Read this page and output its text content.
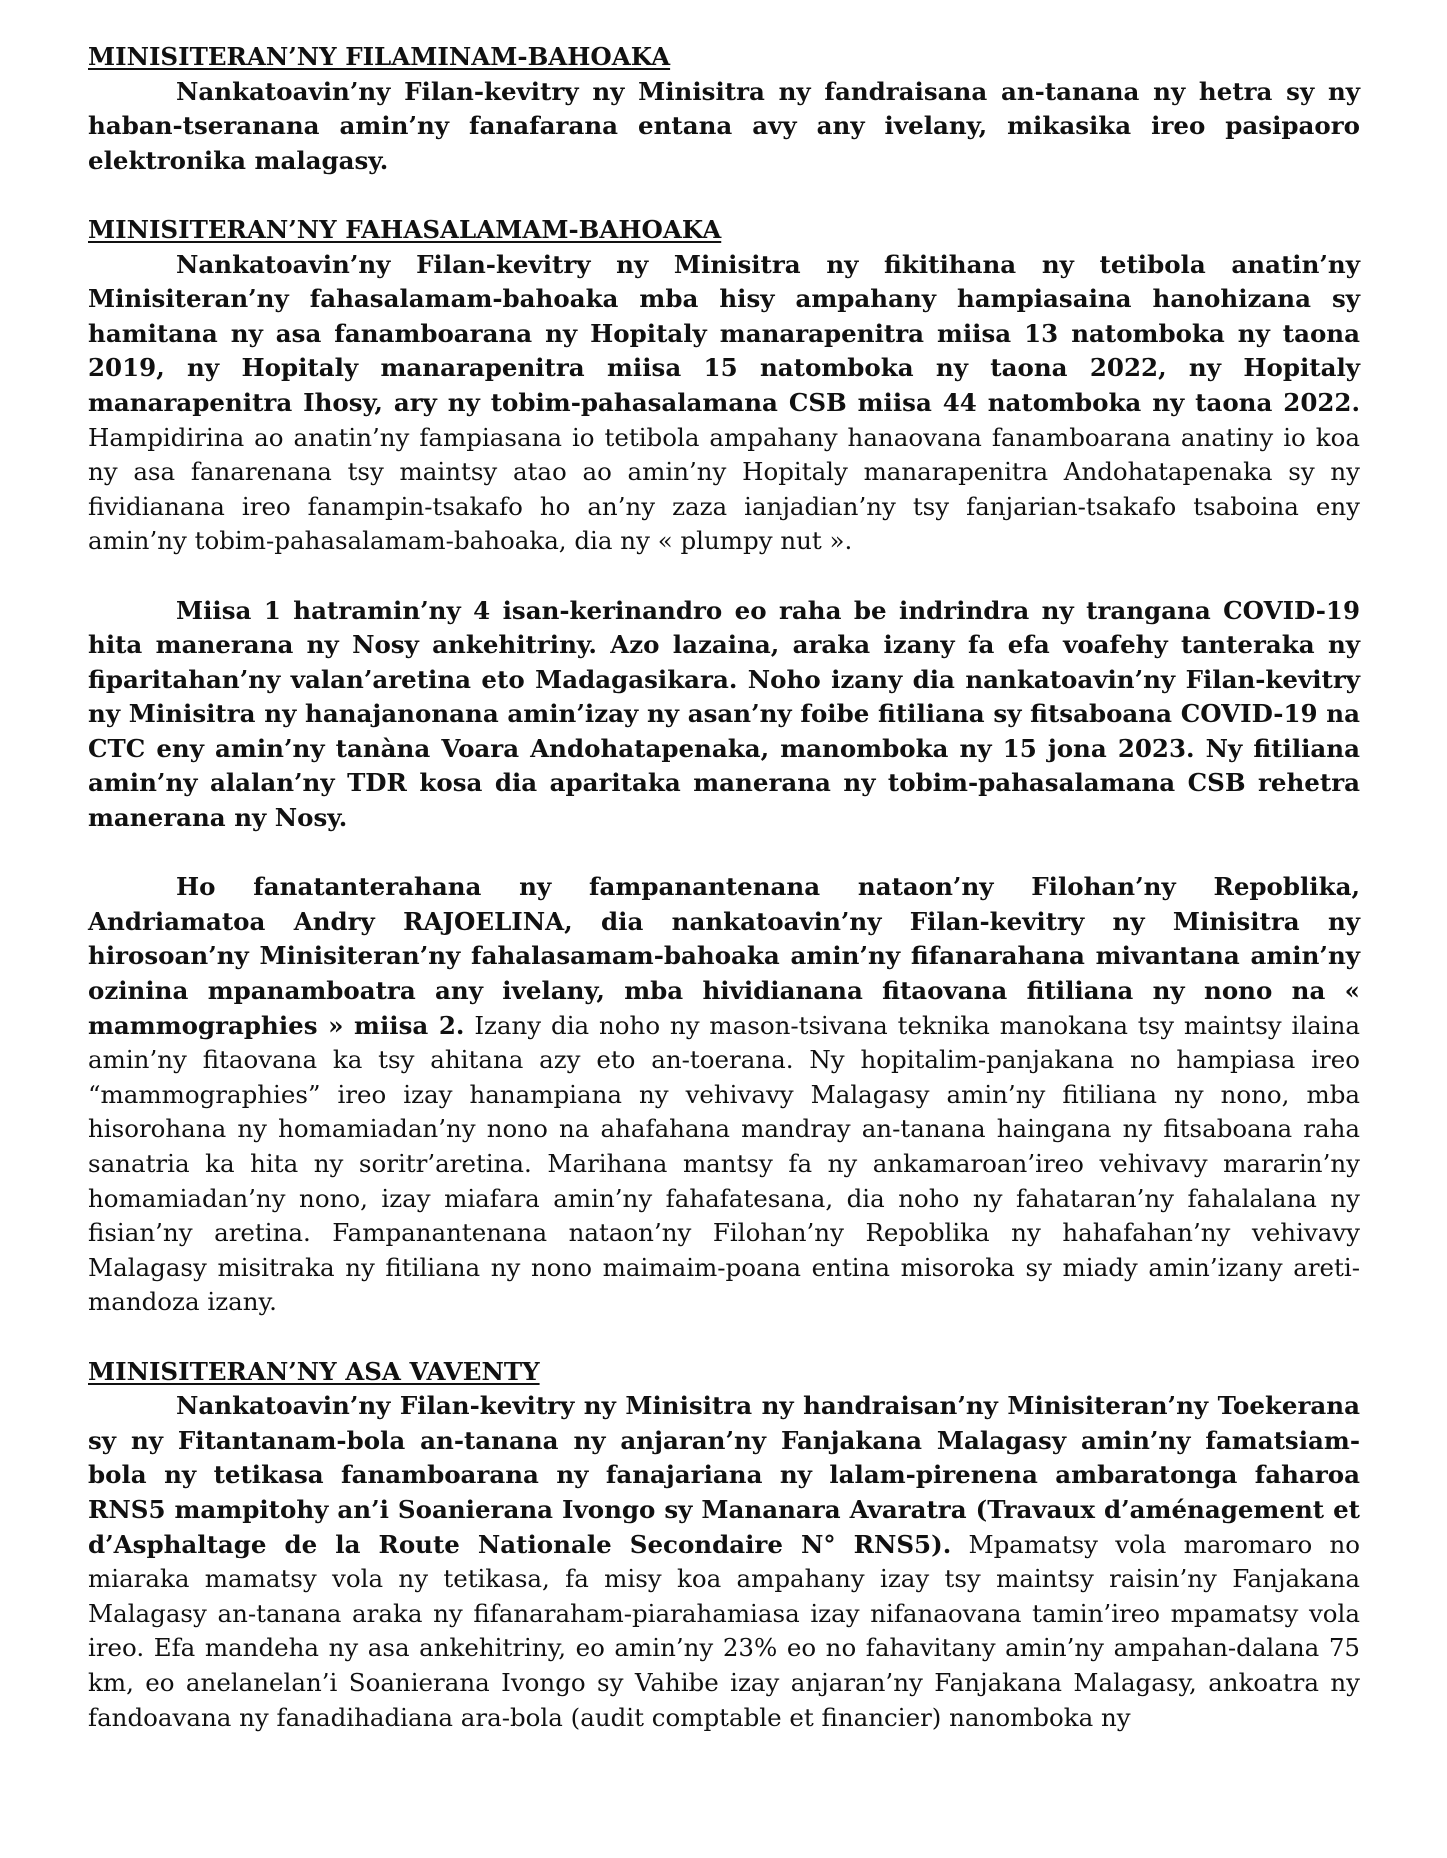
MINISITERAN’NY FILAMINAM-BAHOAKA

Nankatoavin’ny Filan-kevitry ny Minisitra ny fandraisana an-tanana ny hetra sy ny haban-tseranana amin’ny fanafarana entana avy any ivelany, mikasika ireo pasipaoro elektronika malagasy.

MINISITERAN’NY FAHASALAMAM-BAHOAKA

Nankatoavin’ny Filan-kevitry ny Minisitra ny fikitihana ny tetibola anatin’ny Minisiteran’ny fahasalamam-bahoaka mba hisy ampahany hampiasaina hanohizana sy hamitana ny asa fanamboarana ny Hopitaly manarapenitra miisa 13 natomboka ny taona 2019, ny Hopitaly manarapenitra miisa 15 natomboka ny taona 2022, ny Hopitaly manarapenitra Ihosy, ary ny tobim-pahasalamana CSB miisa 44 natomboka ny taona 2022. Hampidirina ao anatin’ny fampiasana io tetibola ampahany hanaovana fanamboarana anatiny io koa ny asa fanarenana tsy maintsy atao ao amin’ny Hopitaly manarapenitra Andohatapenaka sy ny fividianana ireo fanampin-tsakafo ho an’ny zaza ianjadian’ny tsy fanjarian-tsakafo tsaboina eny amin’ny tobim-pahasalamam-bahoaka, dia ny « plumpy nut ».

Miisa 1 hatramin’ny 4 isan-kerinandro eo raha be indrindra ny trangana COVID-19 hita manerana ny Nosy ankehitriny. Azo lazaina, araka izany fa efa voafehy tanteraka ny fiparitahan’ny valan’aretina eto Madagasikara. Noho izany dia nankatoavin’ny Filan-kevitry ny Minisitra ny hanajanonana amin’izay ny asan’ny foibe fitiliana sy fitsaboana COVID-19 na CTC eny amin’ny tanàna Voara Andohatapenaka, manomboka ny 15 jona 2023. Ny fitiliana amin’ny alalan’ny TDR kosa dia aparitaka manerana ny tobim-pahasalamana CSB rehetra manerana ny Nosy.

Ho fanatanterahana ny fampanantenana nataon’ny Filohan’ny Repoblika, Andriamatoa Andry RAJOELINA, dia nankatoavin’ny Filan-kevitry ny Minisitra ny hirosoan’ny Minisiteran’ny fahalasamam-bahoaka amin’ny fifanarahana mivantana amin’ny ozinina mpanamboatra any ivelany, mba hividianana fitaovana fitiliana ny nono na « mammographies » miisa 2. Izany dia noho ny mason-tsivana teknika manokana tsy maintsy ilaina amin’ny fitaovana ka tsy ahitana azy eto an-toerana. Ny hopitalim-panjakana no hampiasa ireo “mammographies” ireo izay hanampiana ny vehivavy Malagasy amin’ny fitiliana ny nono, mba hisorohana ny homamiadan’ny nono na ahafahana mandray an-tanana haingana ny fitsaboana raha sanatria ka hita ny soritr’aretina. Marihana mantsy fa ny ankamaroan’ireo vehivavy mararin’ny homamiadan’ny nono, izay miafara amin’ny fahafatesana, dia noho ny fahataran’ny fahalalana ny fisian’ny aretina. Fampanantenana nataon’ny Filohan’ny Repoblika ny hahafahan’ny vehivavy Malagasy misitraka ny fitiliana ny nono maimaim-poana entina misoroka sy miady amin’izany areti-mandoza izany.

MINISITERAN’NY ASA VAVENTY

Nankatoavin’ny Filan-kevitry ny Minisitra ny handraisan’ny Minisiteran’ny Toekerana sy ny Fitantanam-bola an-tanana ny anjaran’ny Fanjakana Malagasy amin’ny famatsiam-bola ny tetikasa fanamboarana ny fanajariana ny lalam-pirenena ambaratonga faharoa RNS5 mampitohy an’i Soanierana Ivongo sy Mananara Avaratra (Travaux d’aménagement et d’Asphaltage de la Route Nationale Secondaire N° RNS5). Mpamatsy vola maromaro no miaraka mamatsy vola ny tetikasa, fa misy koa ampahany izay tsy maintsy raisin’ny Fanjakana Malagasy an-tanana araka ny fifanaraham-piarahamiasa izay nifanaovana tamin’ireo mpamatsy vola ireo. Efa mandeha ny asa ankehitriny, eo amin’ny 23% eo no fahavitany amin’ny ampahan-dalana 75 km, eo anelanelan’i Soanierana Ivongo sy Vahibe izay anjaran’ny Fanjakana Malagasy, ankoatra ny fandoavana ny fanadihadiana ara-bola (audit comptable et financier) nanomboka ny
